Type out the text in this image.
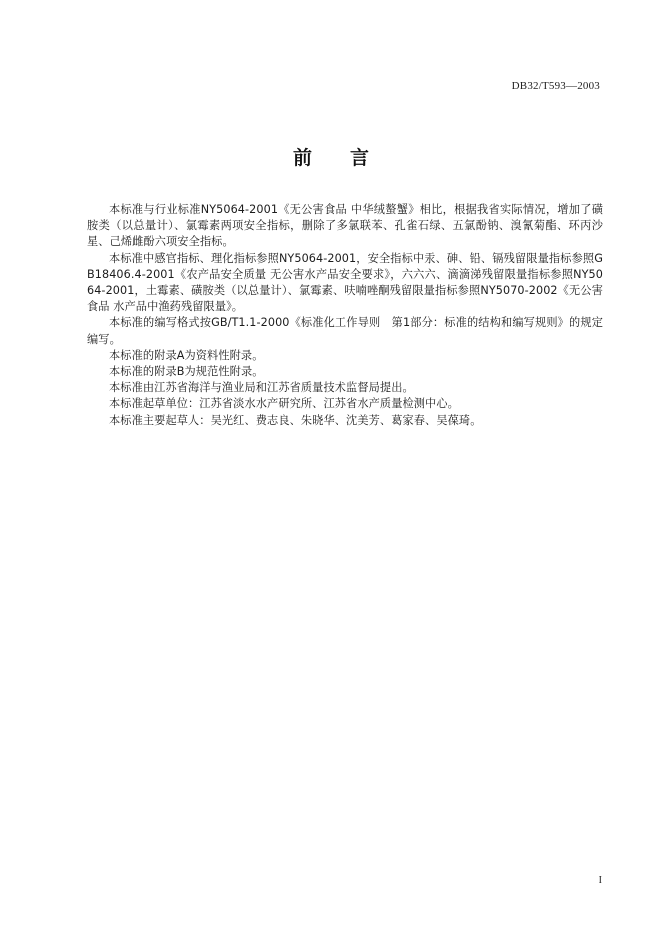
DB32/T593—2003
前　　言

本标准与行业标准NY5064-2001《无公害食品 中华绒螯蟹》相比，根据我省实际情况，增加了磺胺类（以总量计）、氯霉素两项安全指标，删除了多氯联苯、孔雀石绿、五氯酚钠、溴氰菊酯、环丙沙星、己烯雌酚六项安全指标。

本标准中感官指标、理化指标参照NY5064-2001，安全指标中汞、砷、铅、镉残留限量指标参照GB18406.4-2001《农产品安全质量 无公害水产品安全要求》，六六六、滴滴涕残留限量指标参照NY5064-2001，土霉素、磺胺类（以总量计）、氯霉素、呋喃唑酮残留限量指标参照NY5070-2002《无公害食品 水产品中渔药残留限量》。

本标准的编写格式按GB/T1.1-2000《标准化工作导则　第1部分：标准的结构和编写规则》的规定编写。

本标准的附录A为资料性附录。

本标准的附录B为规范性附录。

本标准由江苏省海洋与渔业局和江苏省质量技术监督局提出。

本标准起草单位：江苏省淡水水产研究所、江苏省水产质量检测中心。

本标准主要起草人：吴光红、费志良、朱晓华、沈美芳、葛家春、吴葆琦。

I
